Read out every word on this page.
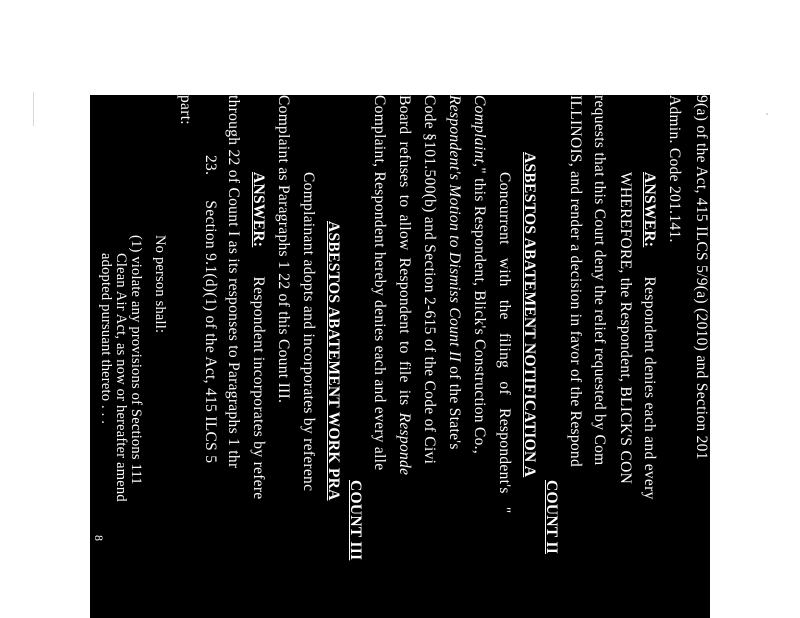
9(a) of the Act, 415 ILCS 5/9(a) (2010) and Section 201
Admin. Code 201.141.
ANSWER:       Respondent denies each and every
WHEREFORE, the Respondent, BLICK'S CON
requests that this Court deny the relief requested by Com
ILLINOIS, and render a decision in favor of the Respond
COUNT II
ASBESTOS ABATEMENT NOTIFICATION A
Concurrent with the filing of Respondent's "
Complaint," this Respondent, Blick's Construction Co.,
Respondent's Motion to Dismiss Count II of the State's
Code §101.500(b) and Section 2-615 of the Code of Civi
Board refuses to allow Respondent to file its Responde
Complaint, Respondent hereby denies each and every alle
COUNT III
ASBESTOS ABATEMENT WORK PRA
Complainant adopts and incorporates by referenc
Complaint as Paragraphs 1 22 of this Count III.
ANSWER:       Respondent incorporates by refere
through 22 of Count I as its responses to Paragraphs 1 thr
23.      Section 9.1(d)(1) of the Act, 415 ILCS 5
part:
No person shall:
(1) violate any provisions of Sections 111
Clean Air Act, as now or hereafter amend
adopted pursuant thereto . . .
8
